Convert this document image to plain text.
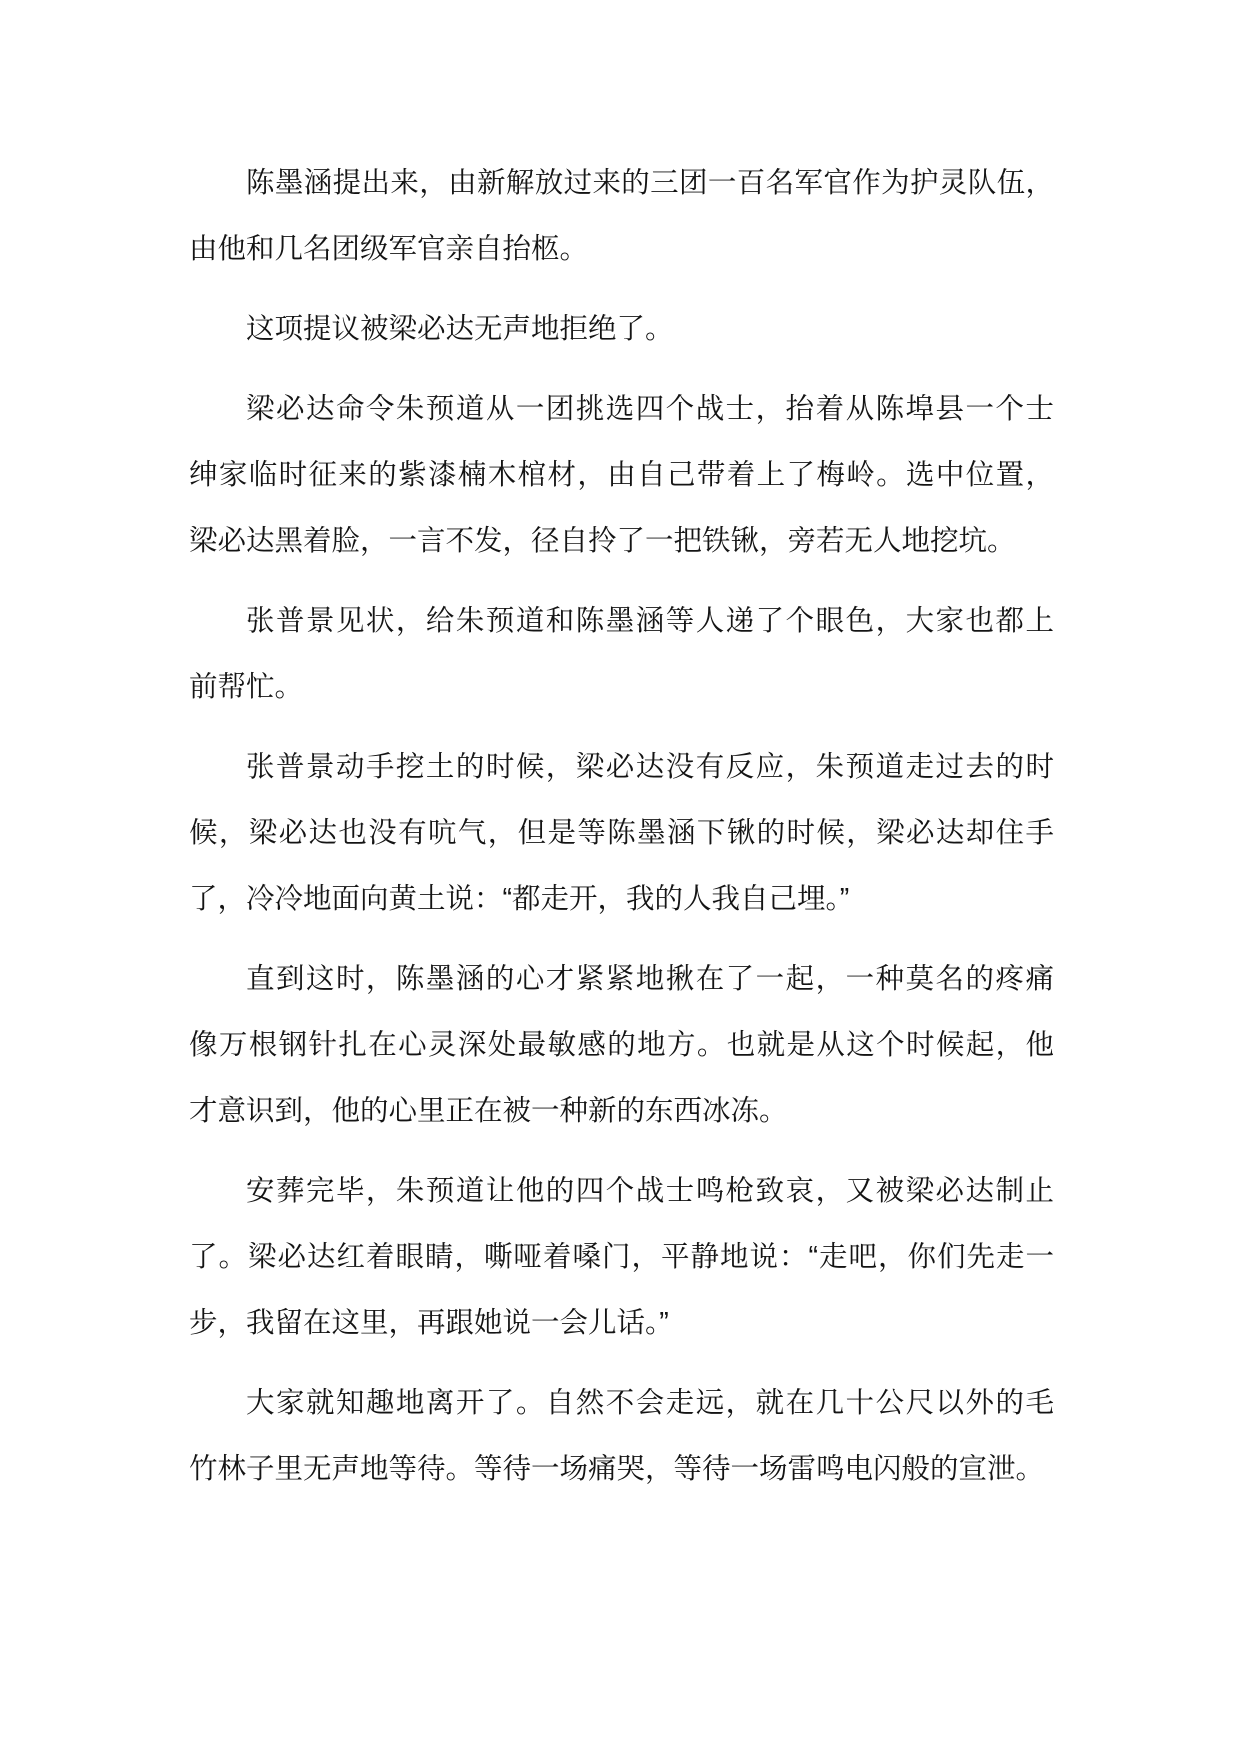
陈墨涵提出来，由新解放过来的三团一百名军官作为护灵队伍，
由他和几名团级军官亲自抬柩。

这项提议被梁必达无声地拒绝了。

梁必达命令朱预道从一团挑选四个战士，抬着从陈埠县一个士
绅家临时征来的紫漆楠木棺材，由自己带着上了梅岭。选中位置，
梁必达黑着脸，一言不发，径自拎了一把铁锹，旁若无人地挖坑。

张普景见状，给朱预道和陈墨涵等人递了个眼色，大家也都上
前帮忙。

张普景动手挖土的时候，梁必达没有反应，朱预道走过去的时
候，梁必达也没有吭气，但是等陈墨涵下锹的时候，梁必达却住手
了，冷冷地面向黄土说：“都走开，我的人我自己埋。”

直到这时，陈墨涵的心才紧紧地揪在了一起，一种莫名的疼痛
像万根钢针扎在心灵深处最敏感的地方。也就是从这个时候起，他
才意识到，他的心里正在被一种新的东西冰冻。

安葬完毕，朱预道让他的四个战士鸣枪致哀，又被梁必达制止
了。梁必达红着眼睛，嘶哑着嗓门，平静地说：“走吧，你们先走一
步，我留在这里，再跟她说一会儿话。”

大家就知趣地离开了。自然不会走远，就在几十公尺以外的毛
竹林子里无声地等待。等待一场痛哭，等待一场雷鸣电闪般的宣泄。
